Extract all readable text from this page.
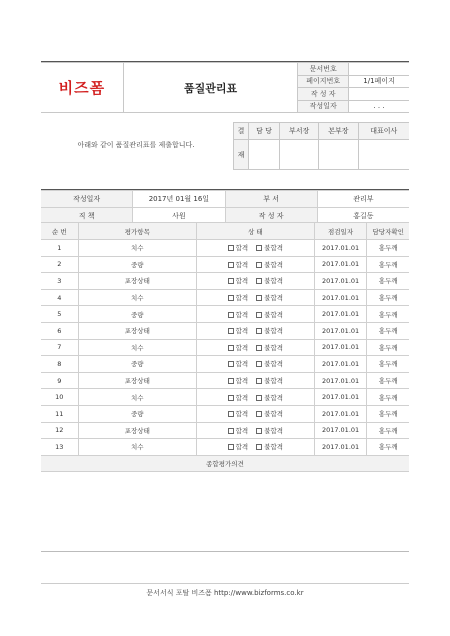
비즈폼	품질관리표	문서번호	
		페이지번호	1/1페이지
		작 성 자	
		작성일자	. . .
아래와 같이 품질관리표를 제출합니다.
결	담 당	부서장	본부장	대표이사
재				
작성일자	2017년 01월 16일	부 서	관리부
직 책	사원	작 성 자	홍길동
순 번	평가항목	상 태	점검일자	담당자확인
1	치수	합격 불합격	2017.01.01	홍두깨
2	중량	합격 불합격	2017.01.01	홍두깨
3	포장상태	합격 불합격	2017.01.01	홍두깨
4	치수	합격 불합격	2017.01.01	홍두깨
5	중량	합격 불합격	2017.01.01	홍두깨
6	포장상태	합격 불합격	2017.01.01	홍두깨
7	치수	합격 불합격	2017.01.01	홍두깨
8	중량	합격 불합격	2017.01.01	홍두깨
9	포장상태	합격 불합격	2017.01.01	홍두깨
10	치수	합격 불합격	2017.01.01	홍두깨
11	중량	합격 불합격	2017.01.01	홍두깨
12	포장상태	합격 불합격	2017.01.01	홍두깨
13	치수	합격 불합격	2017.01.01	홍두깨
종합평가의견				

문서서식 포탈 비즈폼 http://www.bizforms.co.kr
